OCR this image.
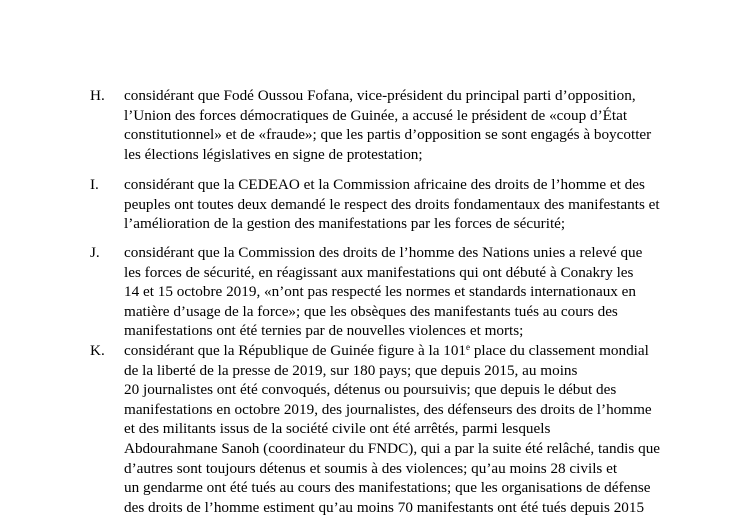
H. considérant que Fodé Oussou Fofana, vice-président du principal parti d’opposition,
l’Union des forces démocratiques de Guinée, a accusé le président de «coup d’État
constitutionnel» et de «fraude»; que les partis d’opposition se sont engagés à boycotter
les élections législatives en signe de protestation;
I. considérant que la CEDEAO et la Commission africaine des droits de l’homme et des
peuples ont toutes deux demandé le respect des droits fondamentaux des manifestants et
l’amélioration de la gestion des manifestations par les forces de sécurité;
J. considérant que la Commission des droits de l’homme des Nations unies a relevé que
les forces de sécurité, en réagissant aux manifestations qui ont débuté à Conakry les
14 et 15 octobre 2019, «n’ont pas respecté les normes et standards internationaux en
matière d’usage de la force»; que les obsèques des manifestants tués au cours des
manifestations ont été ternies par de nouvelles violences et morts;
K. considérant que la République de Guinée figure à la 101e place du classement mondial
de la liberté de la presse de 2019, sur 180 pays; que depuis 2015, au moins
20 journalistes ont été convoqués, détenus ou poursuivis; que depuis le début des
manifestations en octobre 2019, des journalistes, des défenseurs des droits de l’homme
et des militants issus de la société civile ont été arrêtés, parmi lesquels
Abdourahmane Sanoh (coordinateur du FNDC), qui a par la suite été relâché, tandis que
d’autres sont toujours détenus et soumis à des violences; qu’au moins 28 civils et
un gendarme ont été tués au cours des manifestations; que les organisations de défense
des droits de l’homme estiment qu’au moins 70 manifestants ont été tués depuis 2015
